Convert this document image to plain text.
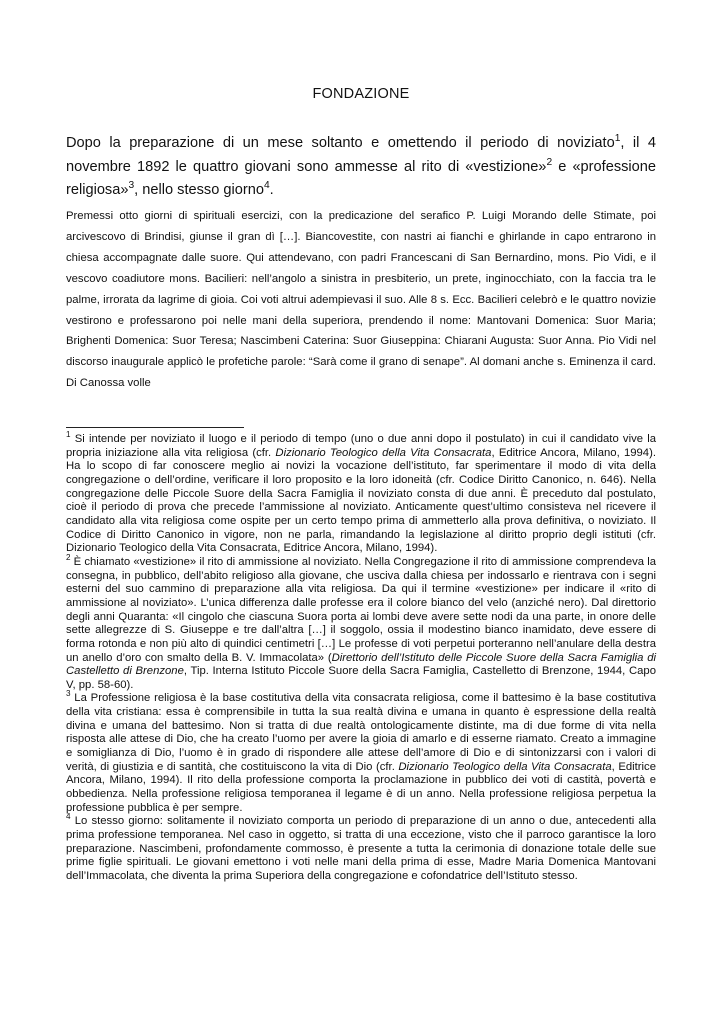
FONDAZIONE

Dopo la preparazione di un mese soltanto e omettendo il periodo di noviziato$^1$, il 4 novembre 1892 le quattro giovani sono ammesse al rito di «vestizione»$^2$ e «professione religiosa»$^3$, nello stesso giorno$^4$.

Premessi otto giorni di spirituali esercizi, con la predicazione del serafico P. Luigi Morando delle Stimate, poi arcivescovo di Brindisi, giunse il gran dì […]. Biancovestite, con nastri ai fianchi e ghirlande in capo entrarono in chiesa accompagnate dalle suore. Qui attendevano, con padri Francescani di San Bernardino, mons. Pio Vidi, e il vescovo coadiutore mons. Bacilieri: nell’angolo a sinistra in presbiterio, un prete, inginocchiato, con la faccia tra le palme, irrorata da lagrime di gioia. Coi voti altrui adempievasi il suo. Alle 8 s. Ecc. Bacilieri celebrò e le quattro novizie vestirono e professarono poi nelle mani della superiora, prendendo il nome: Mantovani Domenica: Suor Maria; Brighenti Domenica: Suor Teresa; Nascimbeni Caterina: Suor Giuseppina: Chiarani Augusta: Suor Anna. Pio Vidi nel discorso inaugurale applicò le profetiche parole: “Sarà come il grano di senape”. Al domani anche s. Eminenza il card. Di Canossa volle

$^1$ Si intende per noviziato il luogo e il periodo di tempo (uno o due anni dopo il postulato) in cui il candidato vive la propria iniziazione alla vita religiosa (cfr. Dizionario Teologico della Vita Consacrata, Editrice Ancora, Milano, 1994). Ha lo scopo di far conoscere meglio ai novizi la vocazione dell’istituto, far sperimentare il modo di vita della congregazione o dell’ordine, verificare il loro proposito e la loro idoneità (cfr. Codice Diritto Canonico, n. 646). Nella congregazione delle Piccole Suore della Sacra Famiglia il noviziato consta di due anni. È preceduto dal postulato, cioè il periodo di prova che precede l’ammissione al noviziato. Anticamente quest’ultimo consisteva nel ricevere il candidato alla vita religiosa come ospite per un certo tempo prima di ammetterlo alla prova definitiva, o noviziato. Il Codice di Diritto Canonico in vigore, non ne parla, rimandando la legislazione al diritto proprio degli istituti (cfr. Dizionario Teologico della Vita Consacrata, Editrice Ancora, Milano, 1994).

$^2$ È chiamato «vestizione» il rito di ammissione al noviziato. Nella Congregazione il rito di ammissione comprendeva la consegna, in pubblico, dell’abito religioso alla giovane, che usciva dalla chiesa per indossarlo e rientrava con i segni esterni del suo cammino di preparazione alla vita religiosa. Da qui il termine «vestizione» per indicare il «rito di ammissione al noviziato». L’unica differenza dalle professe era il colore bianco del velo (anziché nero). Dal direttorio degli anni Quaranta: «Il cingolo che ciascuna Suora porta ai lombi deve avere sette nodi da una parte, in onore delle sette allegrezze di S. Giuseppe e tre dall’altra […] il soggolo, ossia il modestino bianco inamidato, deve essere di forma rotonda e non più alto di quindici centimetri […] Le professe di voti perpetui porteranno nell’anulare della destra un anello d’oro con smalto della B. V. Immacolata» (Direttorio dell’Istituto delle Piccole Suore della Sacra Famiglia di Castelletto di Brenzone, Tip. Interna Istituto Piccole Suore della Sacra Famiglia, Castelletto di Brenzone, 1944, Capo V, pp. 58-60).

$^3$ La Professione religiosa è la base costitutiva della vita consacrata religiosa, come il battesimo è la base costitutiva della vita cristiana: essa è comprensibile in tutta la sua realtà divina e umana in quanto è espressione della realtà divina e umana del battesimo. Non si tratta di due realtà ontologicamente distinte, ma di due forme di vita nella risposta alle attese di Dio, che ha creato l’uomo per avere la gioia di amarlo e di esserne riamato. Creato a immagine e somiglianza di Dio, l’uomo è in grado di rispondere alle attese dell’amore di Dio e di sintonizzarsi con i valori di verità, di giustizia e di santità, che costituiscono la vita di Dio (cfr. Dizionario Teologico della Vita Consacrata, Editrice Ancora, Milano, 1994). Il rito della professione comporta la proclamazione in pubblico dei voti di castità, povertà e obbedienza. Nella professione religiosa temporanea il legame è di un anno. Nella professione religiosa perpetua la professione pubblica è per sempre.

$^4$ Lo stesso giorno: solitamente il noviziato comporta un periodo di preparazione di un anno o due, antecedenti alla prima professione temporanea. Nel caso in oggetto, si tratta di una eccezione, visto che il parroco garantisce la loro preparazione. Nascimbeni, profondamente commosso, è presente a tutta la cerimonia di donazione totale delle sue prime figlie spirituali. Le giovani emettono i voti nelle mani della prima di esse, Madre Maria Domenica Mantovani dell’Immacolata, che diventa la prima Superiora della congregazione e cofondatrice dell’Istituto stesso.
